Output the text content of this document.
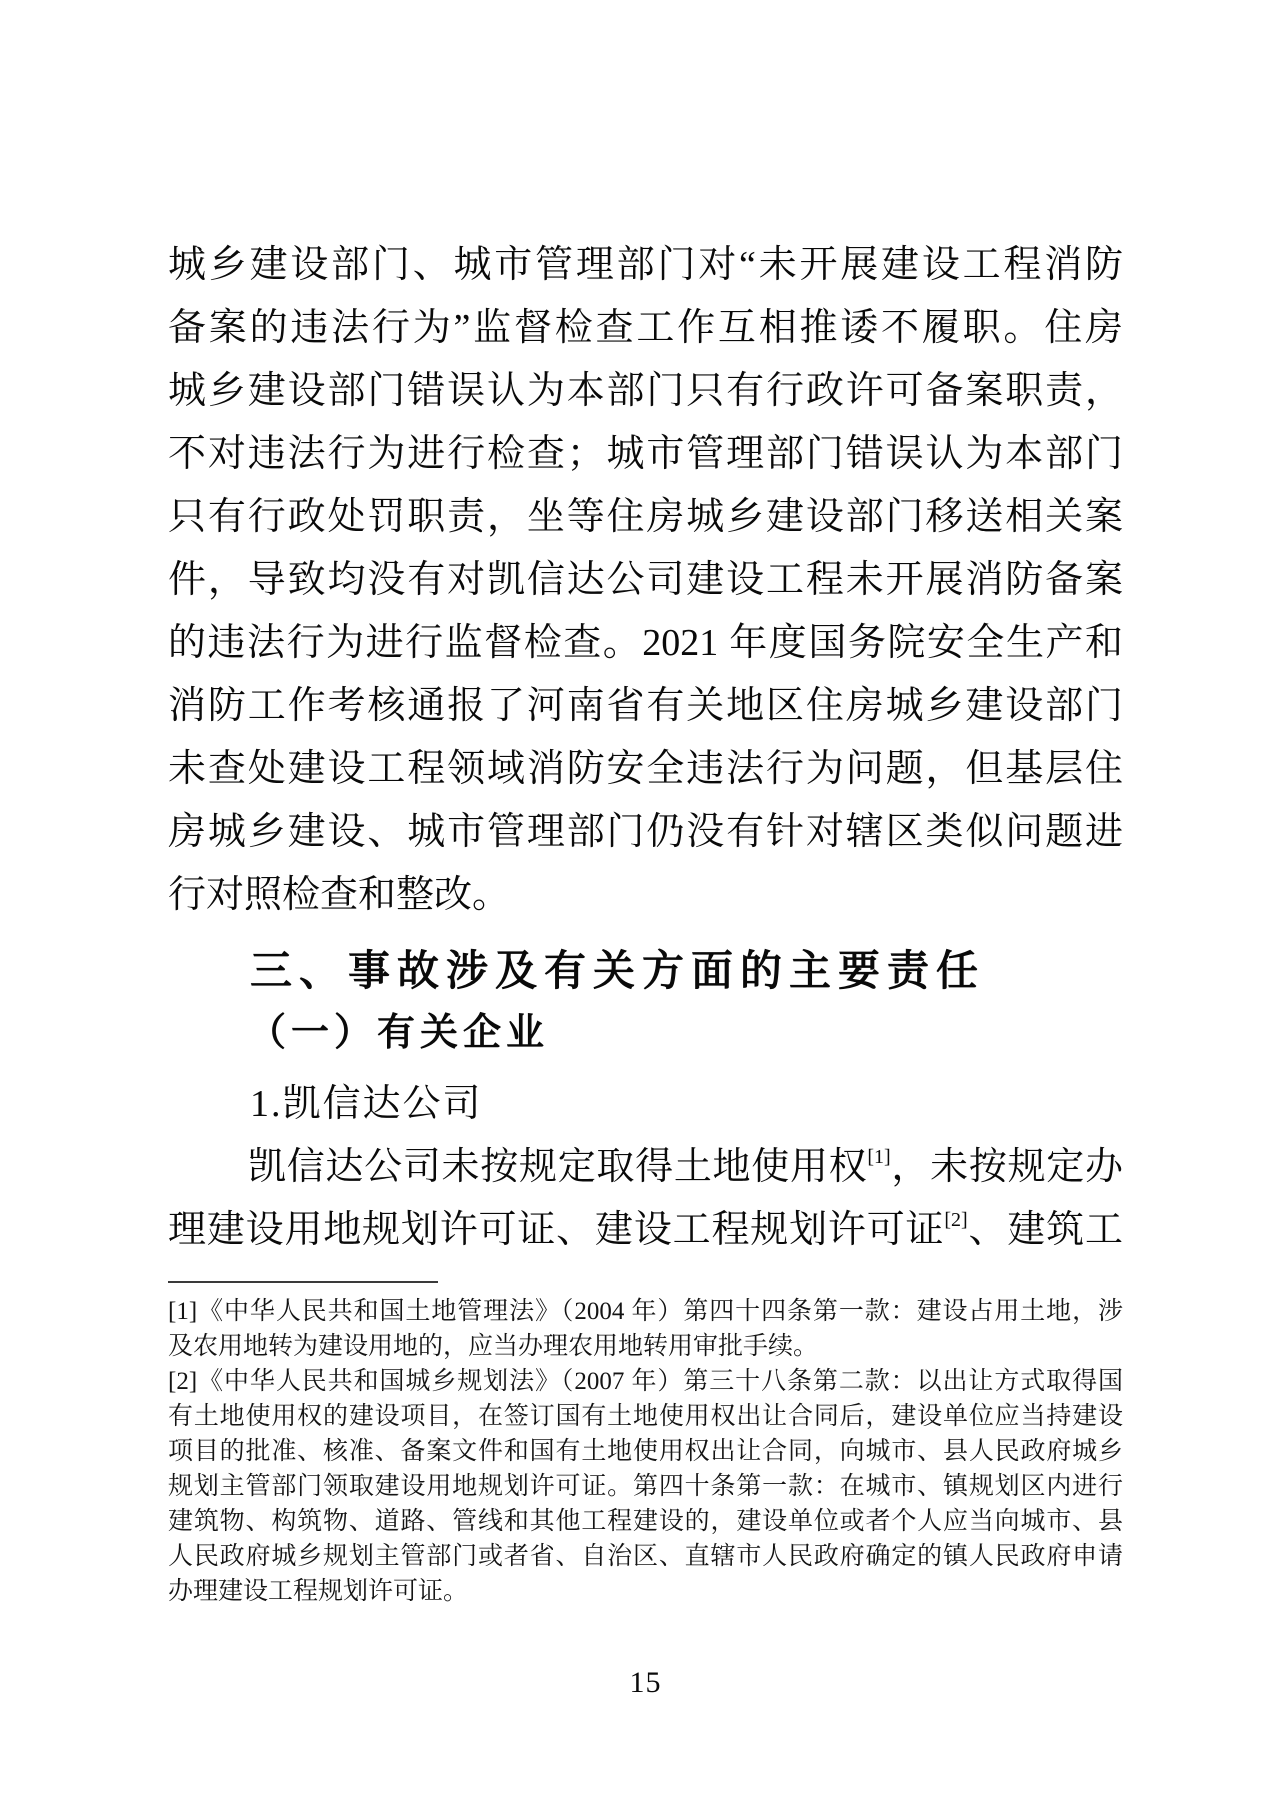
城乡建设部门、城市管理部门对“未开展建设工程消防
备案的违法行为”监督检查工作互相推诿不履职。住房
城乡建设部门错误认为本部门只有行政许可备案职责，
不对违法行为进行检查；城市管理部门错误认为本部门
只有行政处罚职责，坐等住房城乡建设部门移送相关案
件，导致均没有对凯信达公司建设工程未开展消防备案
的违法行为进行监督检查。2021 年度国务院安全生产和
消防工作考核通报了河南省有关地区住房城乡建设部门
未查处建设工程领域消防安全违法行为问题，但基层住
房城乡建设、城市管理部门仍没有针对辖区类似问题进
行对照检查和整改。
三、事故涉及有关方面的主要责任
（一）有关企业
1.凯信达公司
凯信达公司未按规定取得土地使用权[1]，未按规定办
理建设用地规划许可证、建设工程规划许可证[2]、建筑工
[1]《中华人民共和国土地管理法》（2004 年）第四十四条第一款：建设占用土地，涉
及农用地转为建设用地的，应当办理农用地转用审批手续。
[2]《中华人民共和国城乡规划法》（2007 年）第三十八条第二款：以出让方式取得国
有土地使用权的建设项目，在签订国有土地使用权出让合同后，建设单位应当持建设
项目的批准、核准、备案文件和国有土地使用权出让合同，向城市、县人民政府城乡
规划主管部门领取建设用地规划许可证。第四十条第一款：在城市、镇规划区内进行
建筑物、构筑物、道路、管线和其他工程建设的，建设单位或者个人应当向城市、县
人民政府城乡规划主管部门或者省、自治区、直辖市人民政府确定的镇人民政府申请
办理建设工程规划许可证。
15
